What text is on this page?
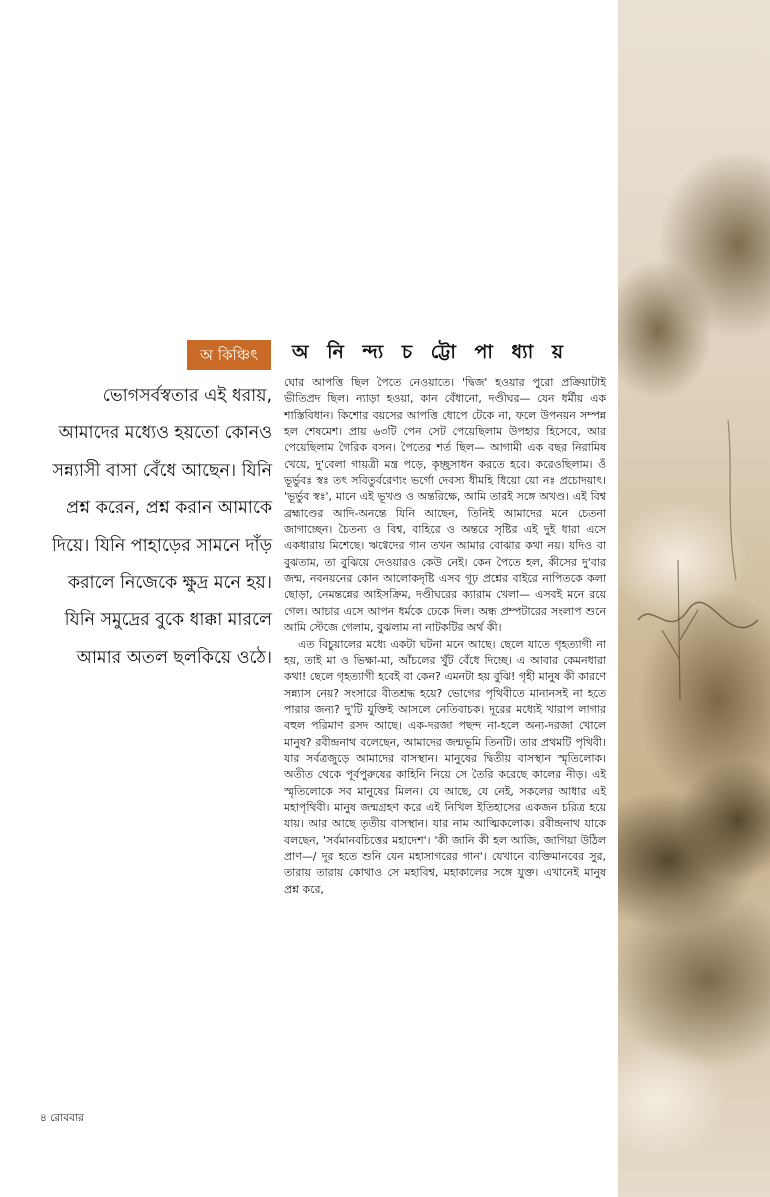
অ কিঞ্চিৎ

ভোগসর্বস্বতার এই ধরায়, আমাদের মধ্যেও হয়তো কোনও সন্ন্যাসী বাসা বেঁধে আছেন। যিনি প্রশ্ন করেন, প্রশ্ন করান আমাকে দিয়ে। যিনি পাহাড়ের সামনে দাঁড় করালে নিজেকে ক্ষুদ্র মনে হয়। যিনি সমুদ্রের বুকে ধাক্কা মারলে আমার অতল ছলকিয়ে ওঠে।

অ নি ন্দ্য চ ট্টো পা ধ্যা য়

ঘোর আপত্তি ছিল পৈতে নেওয়াতে। 'দ্বিজ' হওয়ার পুরো প্রক্রিয়াটাই ভীতিপ্রদ ছিল। ন্যাড়া হওয়া, কান বেঁধানো, দণ্ডীঘর— যেন ধর্মীয় এক শাস্তিবিধান। কিশোর বয়সের আপত্তি ধোপে টেকে না, ফলে উপনয়ন সম্পন্ন হল শেষমেশ। প্রায় ৬৩টি পেন সেট পেয়েছিলাম উপহার হিসেবে, আর পেয়েছিলাম গৈরিক বসন। পৈতের শর্ত ছিল— আগামী এক বছর নিরামিষ খেয়ে, দু'বেলা গায়ত্রী মন্ত্র পড়ে, কৃচ্ছ্রসাধন করতে হবে। করেওছিলাম। ওঁ ভূর্ভুবঃ স্বঃ তৎ সবিতুর্বরেণ্যং ভর্গো দেবস্য ধীমহি ধিয়ো য়ো নঃ প্রচোদয়াৎ। 'ভূর্ভুব স্বঃ', মানে এই ভূখণ্ড ও অন্তরিক্ষে, আমি তারই সঙ্গে অখণ্ড। এই বিশ্ব ব্রহ্মাণ্ডের আদি-অনন্তে যিনি আছেন, তিনিই আমাদের মনে চেতনা জাগাচ্ছেন। চৈতন্য ও বিশ্ব, বাহিরে ও অন্তরে সৃষ্টির এই দুই ধারা এসে একধারায় মিশেছে। ঋগ্বেদের গান তখন আমার বোঝার কথা নয়। যদিও বা বুঝতাম, তা বুঝিয়ে দেওয়ারও কেউ নেই। কেন পৈতে হল, কীসের দু'বার জন্ম, নবনয়নের কোন আলোকদৃষ্টি এসব গূঢ় প্রশ্নের বাইরে নাপিতকে কলা ছোড়া, নেমন্তন্নের আইসক্রিম, দণ্ডীঘরের ক্যারাম খেলা— এসবই মনে রয়ে গেল। আচার এসে আপন ধর্মকে ঢেকে দিল। অন্ধ প্রম্পটারের সংলাপ শুনে আমি স্টেজে গেলাম, বুঝলাম না নাটকটির অর্থ কী।

এত বিচুয়ালের মধ্যে একটা ঘটনা মনে আছে। ছেলে যাতে গৃহত্যাগী না হয়, তাই মা ও ভিক্ষা-মা, আঁচলের খুঁট বেঁধে দিচ্ছে। এ আবার কেমনধারা কথা! ছেলে গৃহত্যাগী হবেই বা কেন? এমনটা হয় বুঝি! গৃহী মানুষ কী কারণে সন্ন্যাস নেয়? সংসারে বীতশ্রদ্ধ হয়ে? ভোগের পৃথিবীতে মানানসই না হতে পারার জন্য? দু'টি যুক্তিই আসলে নেতিবাচক। দূরের মধ্যেই খারাপ লাগার বহুল পরিমাণ রসদ আছে। এক-দরজা পছন্দ না-হলে অন্য-দরজা খোলে মানুষ? রবীন্দ্রনাথ বলেছেন, আমাদের জন্মভূমি তিনটি। তার প্রথমটি পৃথিবী। যার সর্বত্রজুড়ে আমাদের বাসস্থান। মানুষের দ্বিতীয় বাসস্থান স্মৃতিলোক। অতীত থেকে পূর্বপুরুষের কাহিনি নিয়ে সে তৈরি করেছে কালের নীড়। এই স্মৃতিলোকে সব মানুষের মিলন। যে আছে, যে নেই, সকলের আধার এই মহাপৃথিবী। মানুষ জন্মগ্রহণ করে এই নিখিল ইতিহাসের একজন চরিত্র হয়ে যায়। আর আছে তৃতীয় বাসস্থান। যার নাম আত্মিকলোক। রবীন্দ্রনাথ যাকে বলছেন, 'সর্বমানবচিত্তের মহাদেশ'। 'কী জানি কী হল আজি, জাগিয়া উঠিল প্রাণ—/ দূর হতে শুনি যেন মহাসাগরের গান'। যেখানে ব্যক্তিমানবের সুর, তারায় তারায় কোথাও সে মহাবিশ্ব, মহাকালের সঙ্গে যুক্ত। এখানেই মানুষ প্রশ্ন করে,

৪ রোববার
